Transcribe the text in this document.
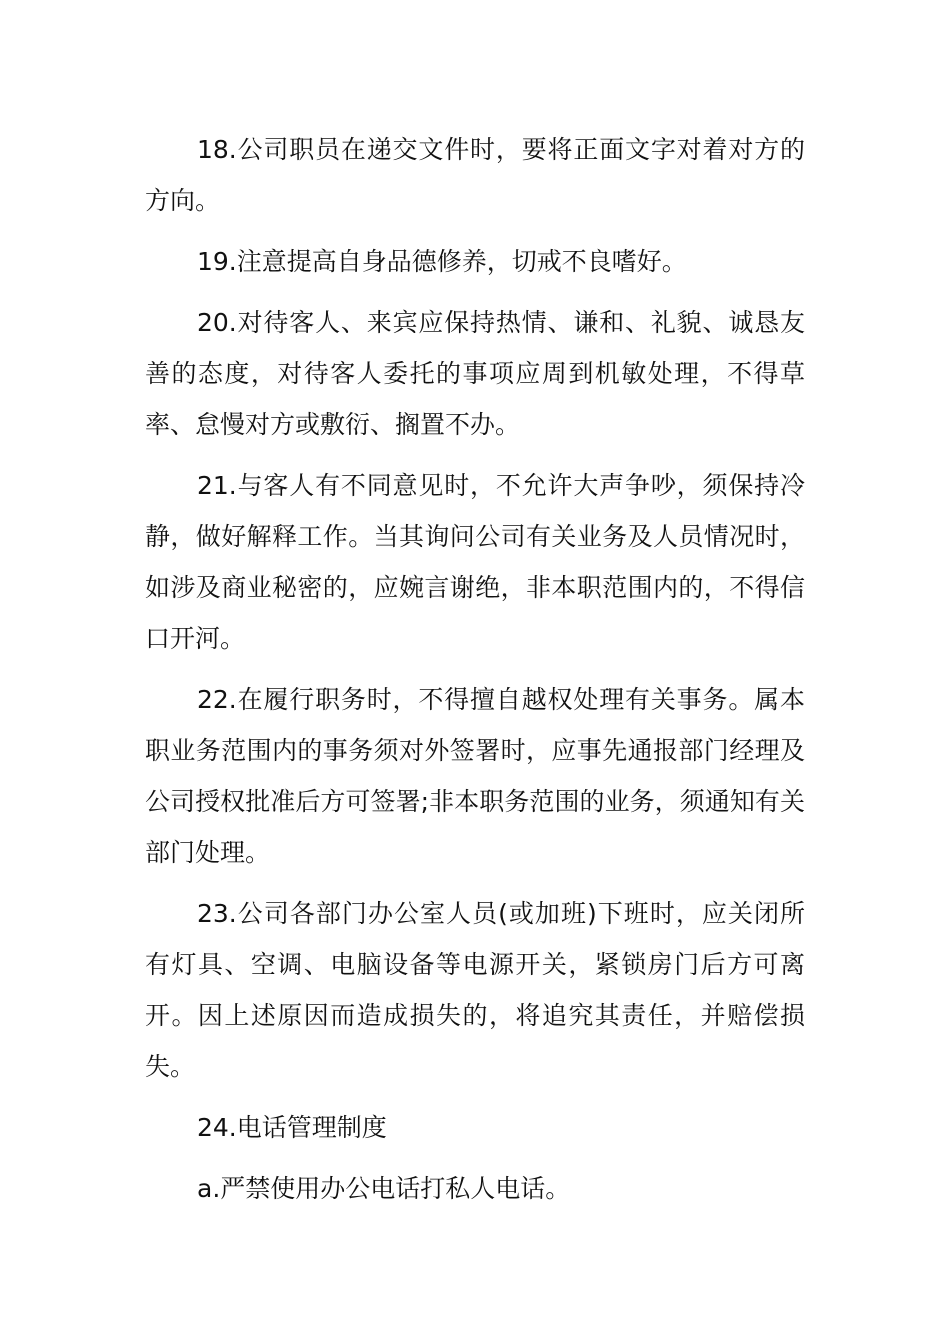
18.公司职员在递交文件时，要将正面文字对着对方的方向。

19.注意提高自身品德修养，切戒不良嗜好。

20.对待客人、来宾应保持热情、谦和、礼貌、诚恳友善的态度，对待客人委托的事项应周到机敏处理，不得草率、怠慢对方或敷衍、搁置不办。

21.与客人有不同意见时，不允许大声争吵，须保持冷静，做好解释工作。当其询问公司有关业务及人员情况时，如涉及商业秘密的，应婉言谢绝，非本职范围内的，不得信口开河。

22.在履行职务时，不得擅自越权处理有关事务。属本职业务范围内的事务须对外签署时，应事先通报部门经理及公司授权批准后方可签署;非本职务范围的业务，须通知有关部门处理。

23.公司各部门办公室人员(或加班)下班时，应关闭所有灯具、空调、电脑设备等电源开关，紧锁房门后方可离开。因上述原因而造成损失的，将追究其责任，并赔偿损失。

24.电话管理制度

a.严禁使用办公电话打私人电话。
